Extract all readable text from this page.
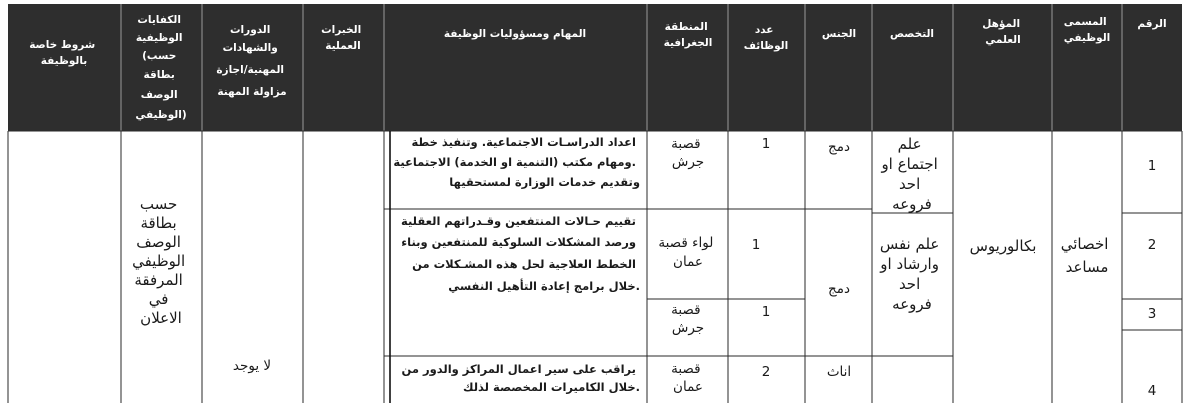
الرقم
المسمى الوظيفي
المؤهل العلمي
التخصص
الجنس
عدد الوظائف
المنطقة الجغرافية
المهام ومسؤوليات الوظيفة
الخبرات العملية
الدورات والشهادات المهنية/اجازة مزاولة المهنة
الكفايات الوظيفية (حسب بطاقة الوصف الوظيفي)
شروط خاصة بالوظيفة
1
2
3
4
اخصائي مساعد
بكالوريوس
علم اجتماع او احد فروعه
علم نفس وارشاد او احد فروعه
دمج
دمج
اناث
1
1
1
2
قصبة جرش
لواء قصبة عمان
قصبة جرش
قصبة عمان
اعداد الدراسـات الاجتماعية. وتنفيذ خطة ومهام مكتب (التنمية او الخدمة) الاجتماعية. وتقديم خدمات الوزارة لمستحقيها
تقييم حـالات المنتفعين وقـدراتهم العقلية ورصد المشكلات السلوكية للمنتفعين وبناء الخطط العلاجية لحل هذه المشـكلات من خلال برامج إعادة التأهيل النفسي.
يراقب على سير اعمال المراكز والدور من خلال الكاميرات المخصصة لذلك.
لا يوجد
حسب بطاقة الوصف الوظيفي المرفقة في الاعلان
